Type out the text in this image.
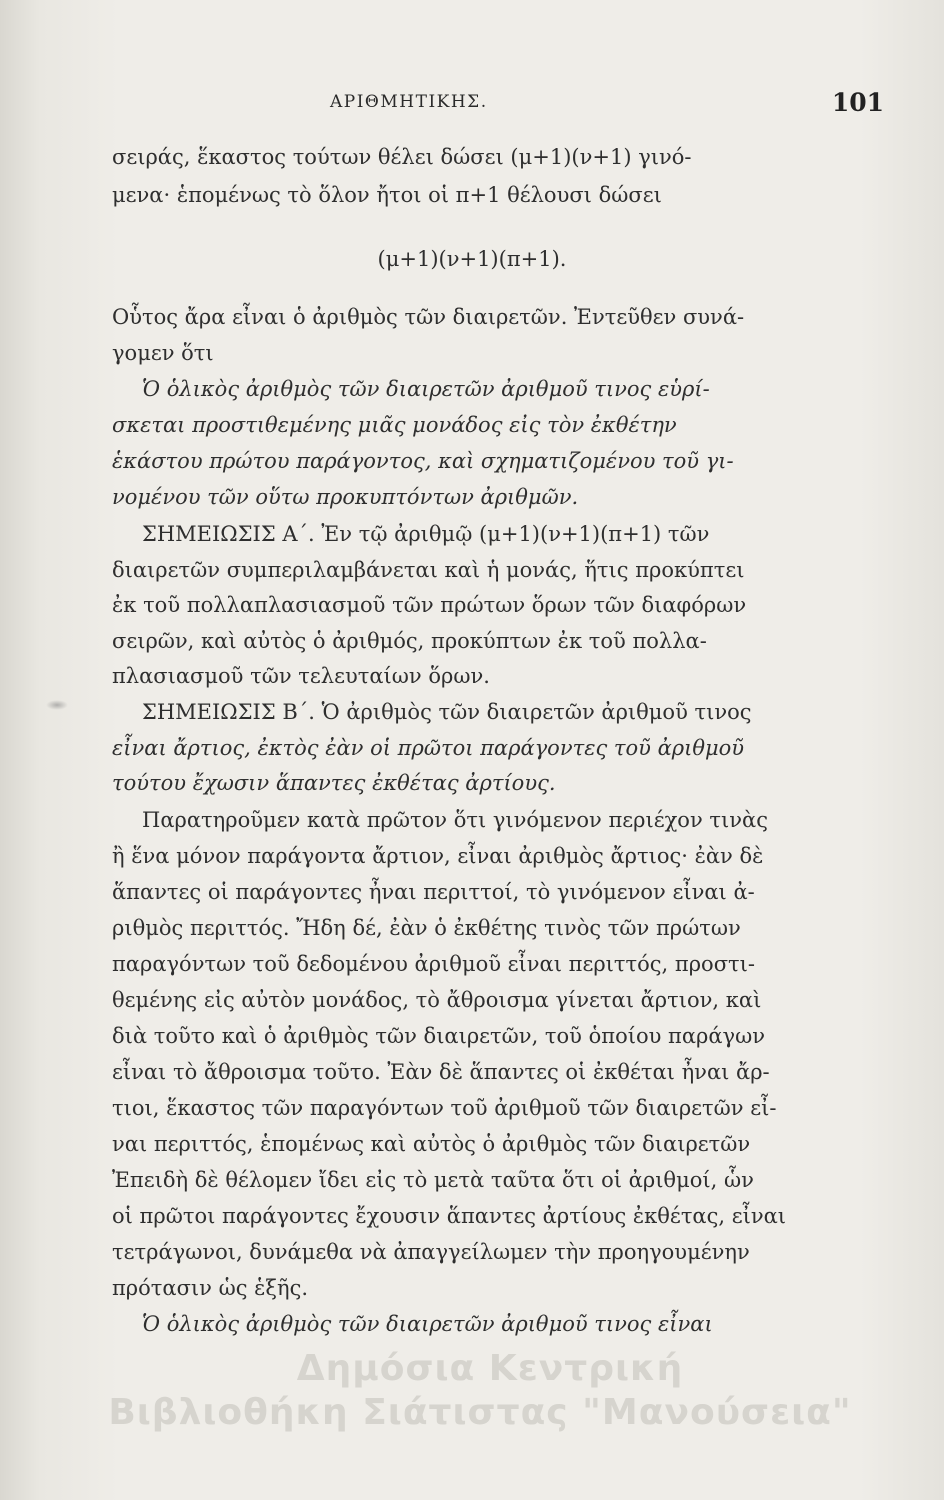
ΑΡΙΘΜΗΤΙΚΗΣ.	101
σειράς, ἕκαστος τούτων θέλει δώσει (μ+1)(ν+1) γινό-
μενα· ἑπομένως τὸ ὅλον ἤτοι οἱ π+1 θέλουσι δώσει
(μ+1)(ν+1)(π+1).
Οὗτος ἄρα εἶναι ὁ ἀριθμὸς τῶν διαιρετῶν. Ἐντεῦθεν συνά-
γομεν ὅτι
Ὁ ὁλικὸς ἀριθμὸς τῶν διαιρετῶν ἀριθμοῦ τινος εὑρί-
σκεται προστιθεμένης μιᾶς μονάδος εἰς τὸν ἐκθέτην
ἑκάστου πρώτου παράγοντος, καὶ σχηματιζομένου τοῦ γι-
νομένου τῶν οὕτω προκυπτόντων ἀριθμῶν.
ΣΗΜΕΙΩΣΙΣ Α΄. Ἐν τῷ ἀριθμῷ (μ+1)(ν+1)(π+1) τῶν
διαιρετῶν συμπεριλαμβάνεται καὶ ἡ μονάς, ἥτις προκύπτει
ἐκ τοῦ πολλαπλασιασμοῦ τῶν πρώτων ὅρων τῶν διαφόρων
σειρῶν, καὶ αὐτὸς ὁ ἀριθμός, προκύπτων ἐκ τοῦ πολλα-
πλασιασμοῦ τῶν τελευταίων ὅρων.
ΣΗΜΕΙΩΣΙΣ Β΄. Ὁ ἀριθμὸς τῶν διαιρετῶν ἀριθμοῦ τινος
εἶναι ἄρτιος, ἐκτὸς ἐὰν οἱ πρῶτοι παράγοντες τοῦ ἀριθμοῦ
τούτου ἔχωσιν ἅπαντες ἐκθέτας ἀρτίους.
Παρατηροῦμεν κατὰ πρῶτον ὅτι γινόμενον περιέχον τινὰς
ἢ ἕνα μόνον παράγοντα ἄρτιον, εἶναι ἀριθμὸς ἄρτιος· ἐὰν δὲ
ἅπαντες οἱ παράγοντες ἦναι περιττοί, τὸ γινόμενον εἶναι ἀ-
ριθμὸς περιττός. Ἤδη δέ, ἐὰν ὁ ἐκθέτης τινὸς τῶν πρώτων
παραγόντων τοῦ δεδομένου ἀριθμοῦ εἶναι περιττός, προστι-
θεμένης εἰς αὐτὸν μονάδος, τὸ ἄθροισμα γίνεται ἄρτιον, καὶ
διὰ τοῦτο καὶ ὁ ἀριθμὸς τῶν διαιρετῶν, τοῦ ὁποίου παράγων
εἶναι τὸ ἄθροισμα τοῦτο. Ἐὰν δὲ ἅπαντες οἱ ἐκθέται ἦναι ἄρ-
τιοι, ἕκαστος τῶν παραγόντων τοῦ ἀριθμοῦ τῶν διαιρετῶν εἶ-
ναι περιττός, ἑπομένως καὶ αὐτὸς ὁ ἀριθμὸς τῶν διαιρετῶν
Ἐπειδὴ δὲ θέλομεν ἴδει εἰς τὸ μετὰ ταῦτα ὅτι οἱ ἀριθμοί, ὧν
οἱ πρῶτοι παράγοντες ἔχουσιν ἅπαντες ἀρτίους ἐκθέτας, εἶναι
τετράγωνοι, δυνάμεθα νὰ ἀπαγγείλωμεν τὴν προηγουμένην
πρότασιν ὡς ἑξῆς.
Ὁ ὁλικὸς ἀριθμὸς τῶν διαιρετῶν ἀριθμοῦ τινος εἶναι
Δημόσια Κεντρική
Βιβλιοθήκη Σιάτιστας "Μανούσεια"
